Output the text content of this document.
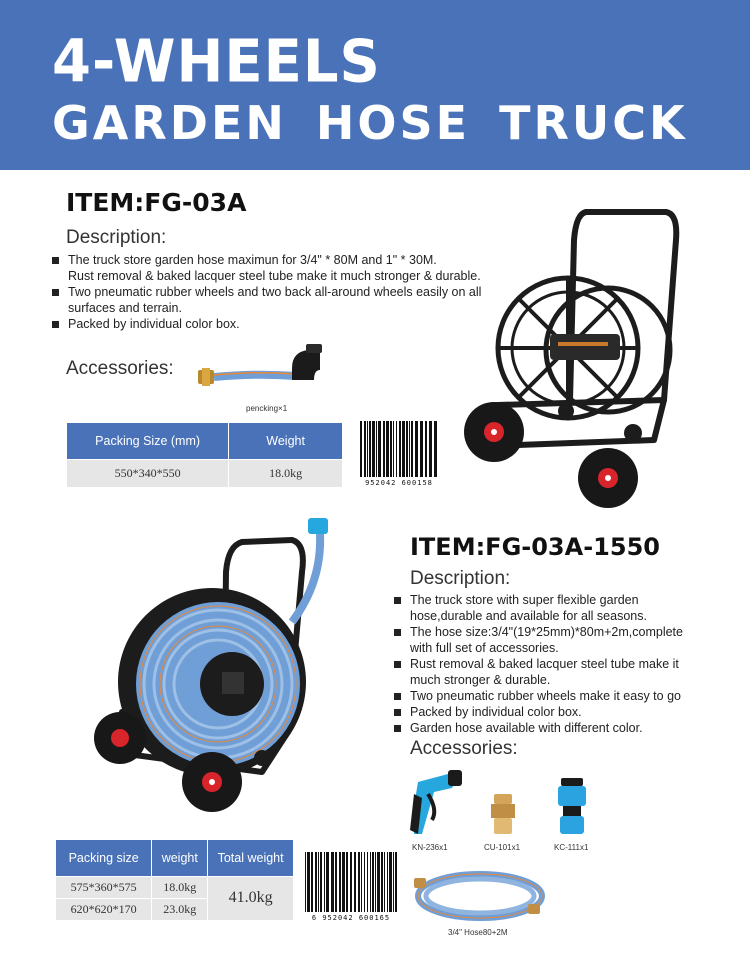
4-WHEELS
GARDEN HOSE TRUCK
ITEM:FG-03A
Description:
The truck store garden hose maximun for 3/4" * 80M and 1" * 30M.
Rust removal & baked lacquer steel tube make it much stronger & durable.
Two pneumatic rubber wheels and two back all-around wheels easily on all surfaces and terrain.
Packed by individual color box.
Accessories:
pencking×1
Packing Size (mm)	Weight
550*340*550	18.0kg
952042 600158
ITEM:FG-03A-1550
Description:
The truck store with super flexible garden hose,durable and available for all seasons.
The hose size:3/4"(19*25mm)*80m+2m,complete with full set of accessories.
Rust removal & baked lacquer steel tube make it much stronger & durable.
Two pneumatic rubber wheels make it easy to go
Packed by individual color box.
Garden hose available with different color.
Accessories:
KN-236x1	CU-101x1	KC-111x1
3/4" Hose80+2M
Packing size	weight	Total weight
575*360*575	18.0kg	41.0kg
620*620*170	23.0kg	
6 952042 600165
